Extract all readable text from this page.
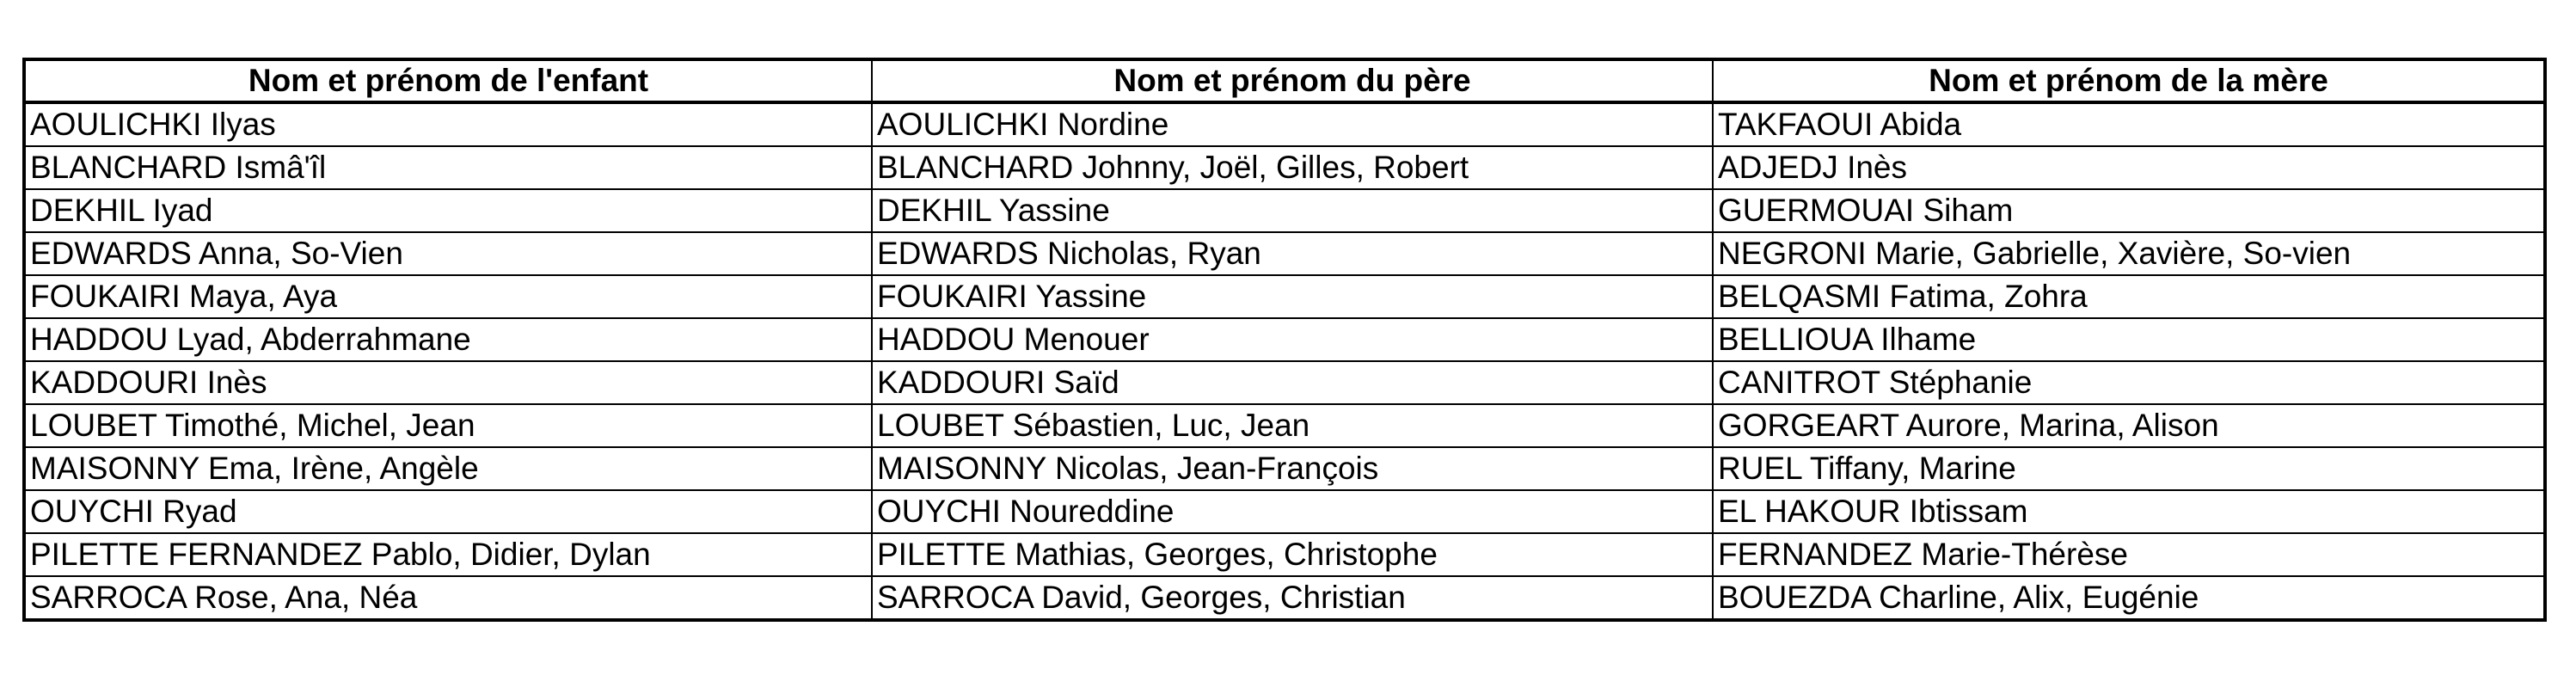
Nom et prénom de l'enfant	Nom et prénom du père	Nom et prénom de la mère
AOULICHKI Ilyas	AOULICHKI Nordine	TAKFAOUI Abida
BLANCHARD Ismâ'îl	BLANCHARD Johnny, Joël, Gilles, Robert	ADJEDJ Inès
DEKHIL Iyad	DEKHIL Yassine	GUERMOUAI Siham
EDWARDS Anna, So-Vien	EDWARDS Nicholas, Ryan	NEGRONI Marie, Gabrielle, Xavière, So-vien
FOUKAIRI Maya, Aya	FOUKAIRI Yassine	BELQASMI Fatima, Zohra
HADDOU Lyad, Abderrahmane	HADDOU Menouer	BELLIOUA Ilhame
KADDOURI Inès	KADDOURI Saïd	CANITROT Stéphanie
LOUBET Timothé, Michel, Jean	LOUBET Sébastien, Luc, Jean	GORGEART Aurore, Marina, Alison
MAISONNY Ema, Irène, Angèle	MAISONNY Nicolas, Jean-François	RUEL Tiffany, Marine
OUYCHI Ryad	OUYCHI Noureddine	EL HAKOUR Ibtissam
PILETTE FERNANDEZ Pablo, Didier, Dylan	PILETTE Mathias, Georges, Christophe	FERNANDEZ Marie-Thérèse
SARROCA Rose, Ana, Néa	SARROCA David, Georges, Christian	BOUEZDA Charline, Alix, Eugénie
